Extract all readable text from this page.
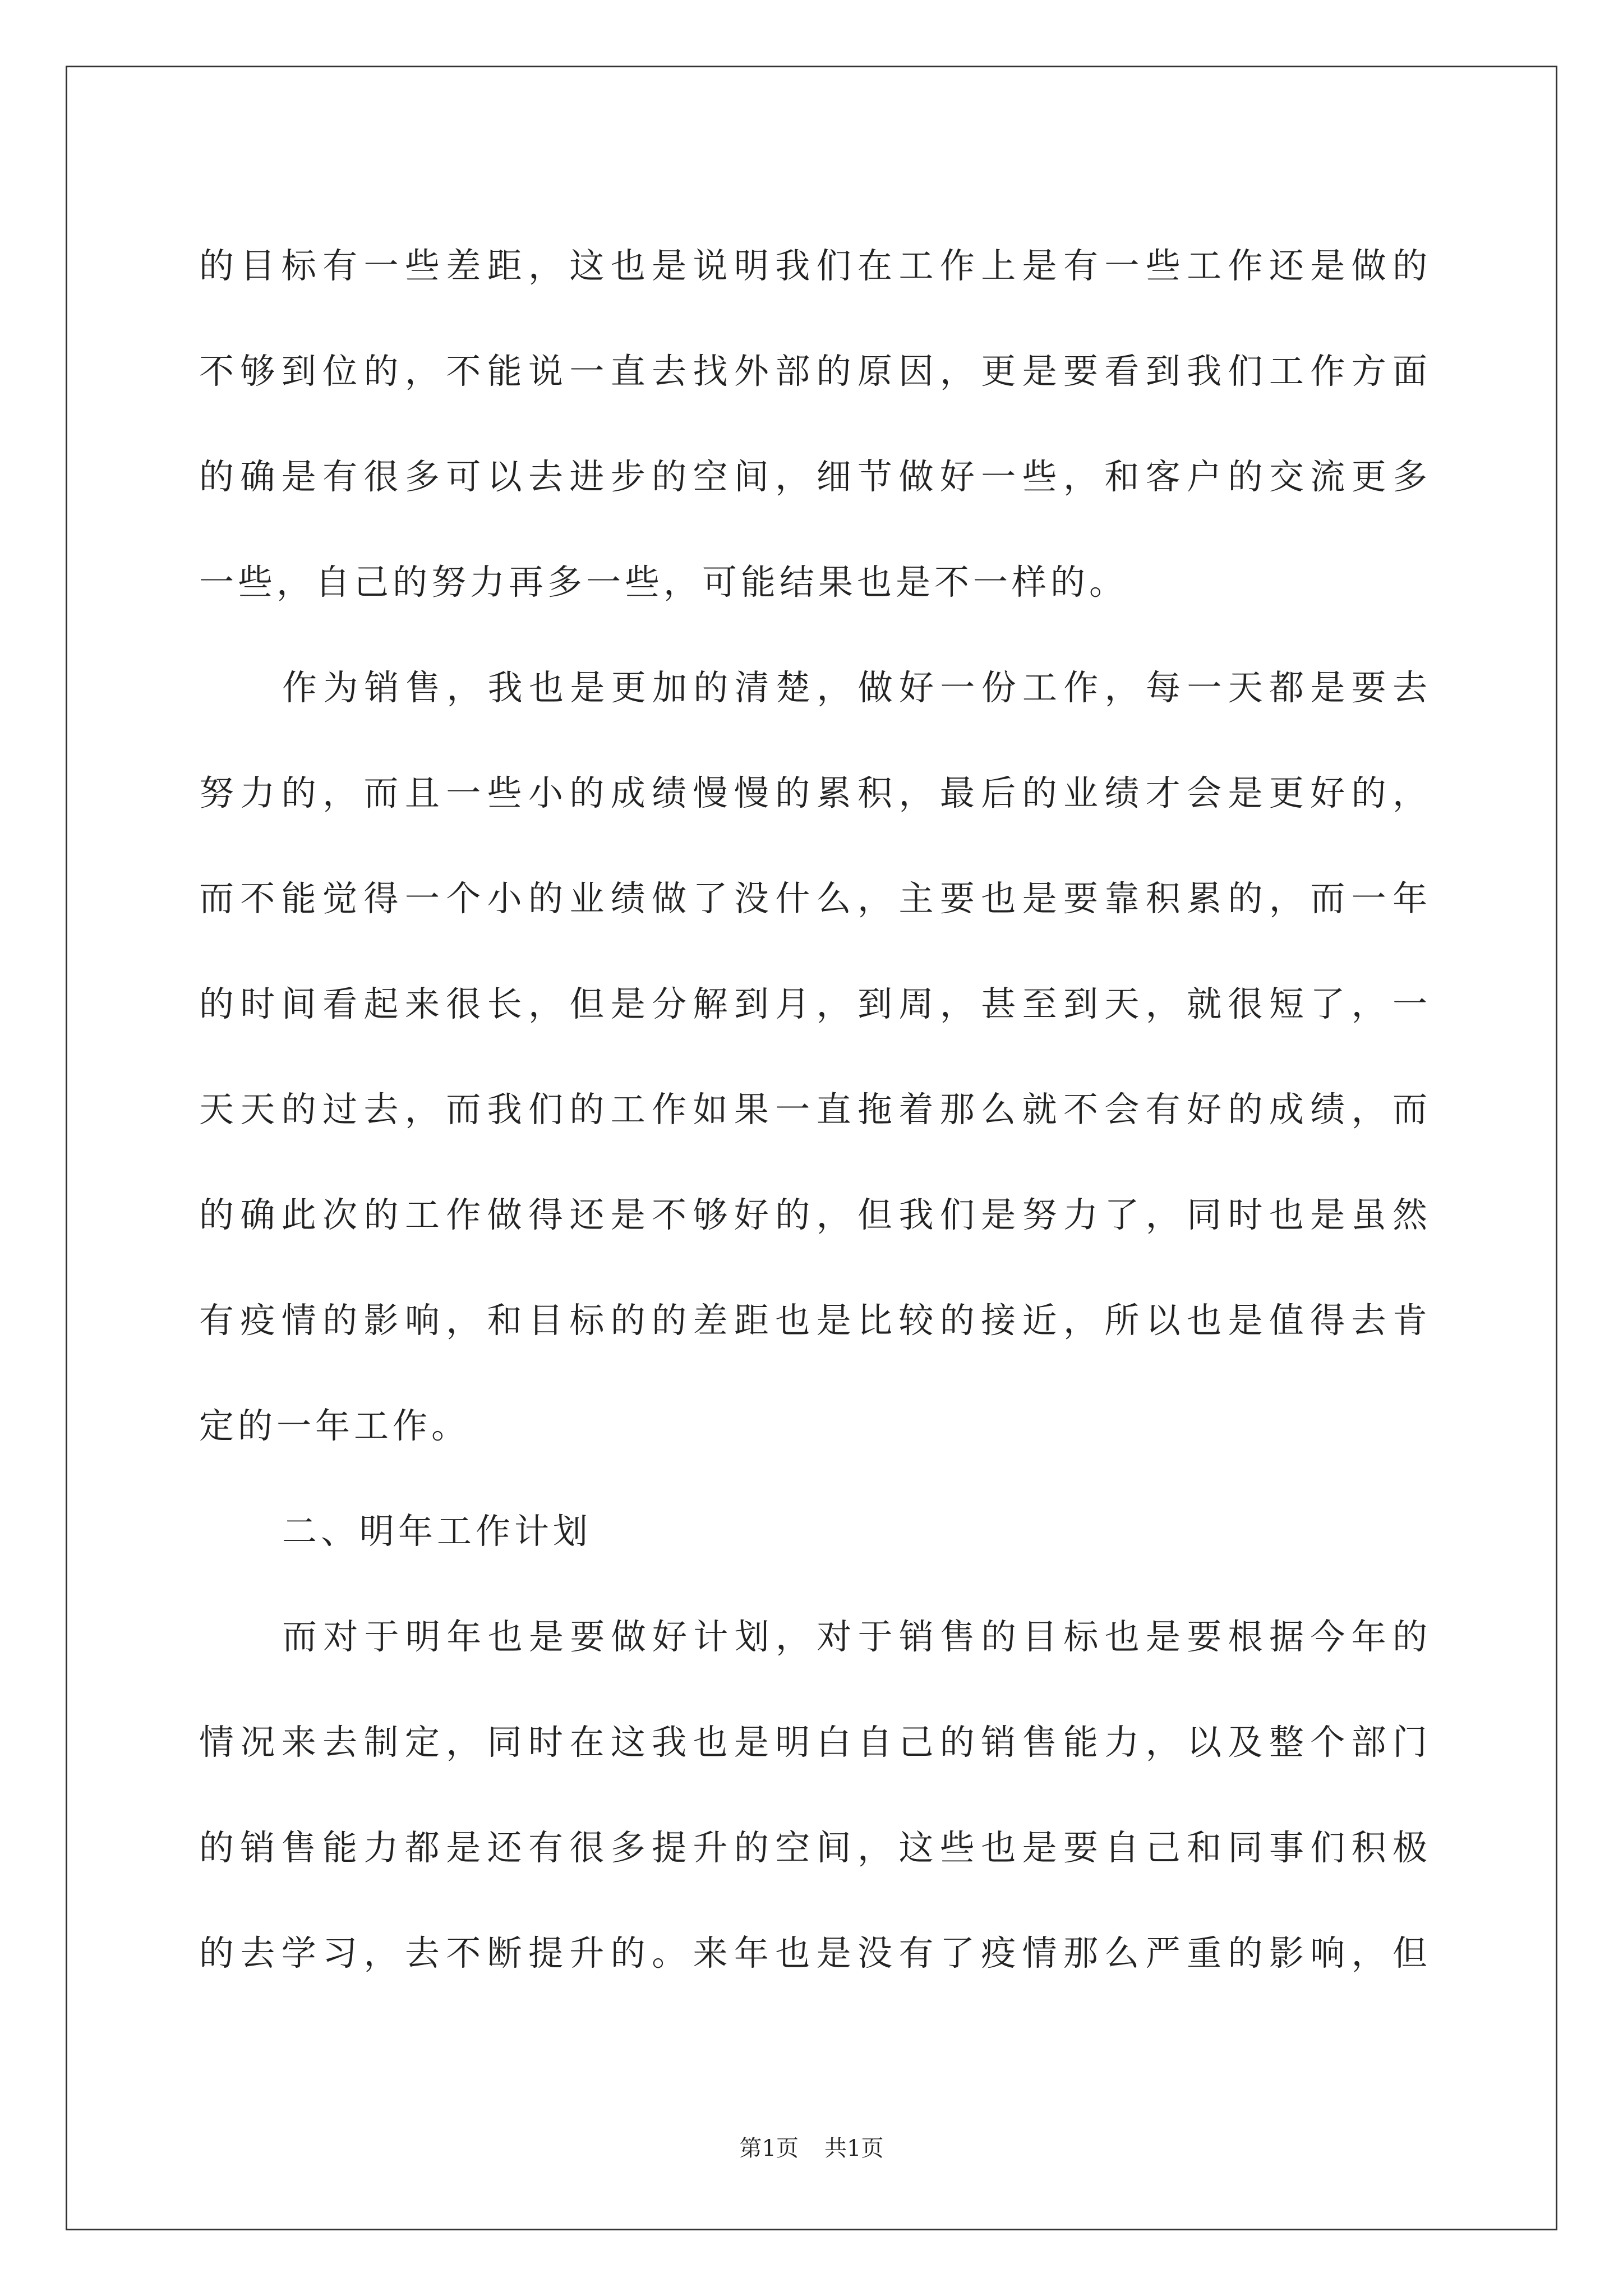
的目标有一些差距，这也是说明我们在工作上是有一些工作还是做的
不够到位的，不能说一直去找外部的原因，更是要看到我们工作方面
的确是有很多可以去进步的空间，细节做好一些，和客户的交流更多
一些，自己的努力再多一些，可能结果也是不一样的。
作为销售，我也是更加的清楚，做好一份工作，每一天都是要去
努力的，而且一些小的成绩慢慢的累积，最后的业绩才会是更好的，
而不能觉得一个小的业绩做了没什么，主要也是要靠积累的，而一年
的时间看起来很长，但是分解到月，到周，甚至到天，就很短了，一
天天的过去，而我们的工作如果一直拖着那么就不会有好的成绩，而
的确此次的工作做得还是不够好的，但我们是努力了，同时也是虽然
有疫情的影响，和目标的的差距也是比较的接近，所以也是值得去肯
定的一年工作。
二、明年工作计划
而对于明年也是要做好计划，对于销售的目标也是要根据今年的
情况来去制定，同时在这我也是明白自己的销售能力，以及整个部门
的销售能力都是还有很多提升的空间，这些也是要自己和同事们积极
的去学习，去不断提升的。来年也是没有了疫情那么严重的影响，但
第1页 共1页
